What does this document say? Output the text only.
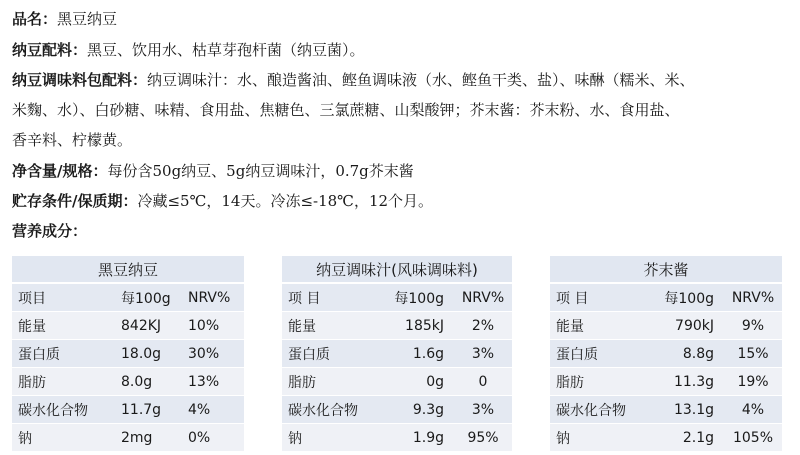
品名：黑豆纳豆
纳豆配料：黑豆、饮用水、枯草芽孢杆菌（纳豆菌）。
纳豆调味料包配料：纳豆调味汁：水、酿造酱油、鲣鱼调味液（水、鲣鱼干类、盐）、味醂（糯米、米、
米麴、水）、白砂糖、味精、食用盐、焦糖色、三氯蔗糖、山梨酸钾；芥末酱：芥末粉、水、食用盐、
香辛料、柠檬黄。
净含量/规格：每份含50g纳豆、5g纳豆调味汁，0.7g芥末酱
贮存条件/保质期：冷藏≤5℃，14天。冷冻≤-18℃，12个月。
营养成分：
黑豆纳豆		
项目	每100g	NRV%
能量	842KJ	10%
蛋白质	18.0g	30%
脂肪	8.0g	13%
碳水化合物	11.7g	4%
钠	2mg	0%
纳豆调味汁(风味调味料)		
项 目	每100g	NRV%
能量	185kJ	2%
蛋白质	1.6g	3%
脂肪	0g	0
碳水化合物	9.3g	3%
钠	1.9g	95%
芥末酱		
项 目	每100g	NRV%
能量	790kJ	9%
蛋白质	8.8g	15%
脂肪	11.3g	19%
碳水化合物	13.1g	4%
钠	2.1g	105%
